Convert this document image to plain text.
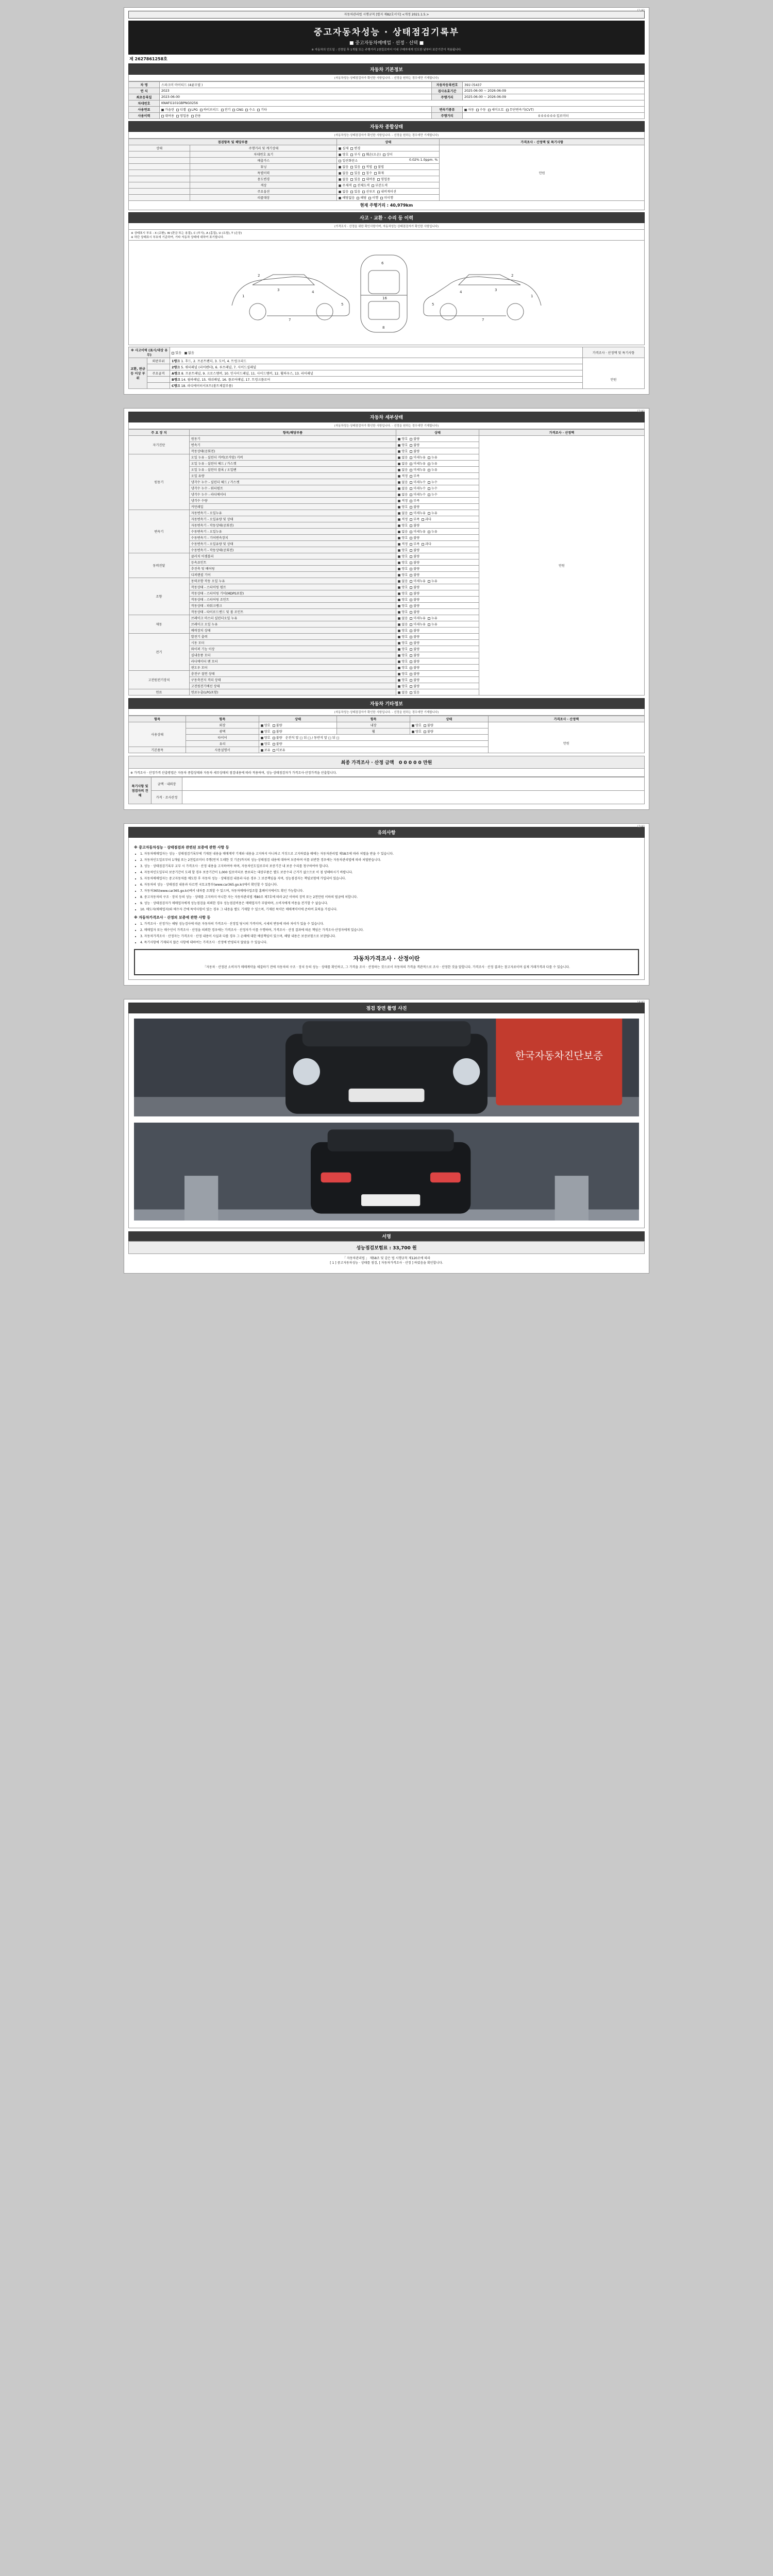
(1/4)
자동차관리법 시행규칙 [별지 제82호서식] <개정 2021.1.5.>
중고자동차성능 · 상태점검기록부
■ 중고자동차매매업 · 선정 · 선택 ■
※ 자동차의 인도일 : 선정일 후 1개월 또는 주행거리 2천킬로미터 이내 구매자에게 인도한 날부터 보증기간이 적용됩니다.
제 2627861258호
자동차 기본정보
(자동차성능·상태점검자가 확인한 사항입니다. - 선정을 원하는 경우에만 기재합니다)
차 명	스파크미 마이티드 (4륜모델 )	자동차등록번호	391나5437
연 식	2023	검사유효기간	2025-06-00 ~ 2026-06-09
최초등록일	2023-06-00	주행거리	2025-06-00 ~ 2026-06-09
차대번호	KNAFG101GBPNG0256		
사용연료	가솔린 디젤 LPG 하이브리드 전기 CNG 수소 기타	변속기종류	자동 수동 세미오토 무단변속기(CVT)
사용이력	대여용 영업용 관용	주행거리	0 0 0 0 0 0 킬로미터
자동차 종합상태
(자동차성능·상태점검자가 확인한 사항입니다. - 선정을 원하는 경우에만 기재합니다)
점검항목 및 해당부품		상태	가격조사 · 산정액 및 특기사항
상태	주행거리 및 계기상태	실제 변경	만원

	차대번호 표기	양호 부식 훼손(오손) 상이	
	배출가스	일산화탄소 0.02% 1.0ppm. %	

	튜닝	없음 있음 적법 불법	
	특별이력	없음 있음 침수 화재	
	용도변경	없음 있음 대여용 영업용	
	색상	무채색 전체도색 부분도색	
	주요옵션	없음 있음 선루프 내비게이션	
	리콜대상	해당없음 해당 이행 미이행	
현재 주행거리 : 40,979km
사고 · 교환 · 수리 등 이력
(가격조사 · 산정을 위한 확인사항이며, 자동차성능·상태점검자가 확인한 사항입니다)
※ 상태표시 부호 : X (교환), W (판금 또는 용접), C (부식), A (흠집), U (요철), T (손상)
※ 하단 상태표시 부호에 기준하여, 기타 자동차 상태에 대하여 표기합니다.
1
3	4
5
7
2
6
16
8
1
3
4
5
7
2
※ 사고이력 (표시/대상 유무)		있음 없음	가격조사 · 산정액 및 특기사항
교환, 판금 등 이상 부위	외판부위	1랭크 1. 후드, 2. 프론트펜더, 3. 도어, 4. 트렁크리드	만원

		2랭크 5. 쿼터패널 (리어펜더), 6. 루프패널, 7. 사이드실패널	
	주요골격	A랭크 8. 프론트패널, 9. 크로스멤버, 10. 인사이드패널, 11. 사이드멤버, 12. 휠하우스, 13. 리어패널	
		B랭크 14. 필라패널, 15. 대쉬패널, 16. 플로어패널, 17. 트렁크플로어	
		C랭크 18. 라디에이터서포트(볼트체결부품)	
(2/4)
자동차 세부상태
(자동차성능·상태점검자가 확인한 사항입니다. - 선정을 원하는 경우에만 기재합니다)
주 요 장 치	항목/해당부품	상태	가격조사 · 산정액
자기진단	원동기	양호  불량	만원
	변속기	양호  불량	
	작동상태(공회전)	양호  불량	
원동기	오일 누유 - 실린더 커버(로커암) 커버	없음  미세누유  누유	
	오일 누유 - 실린더 헤드 / 가스켓	없음  미세누유  누유	
	오일 누유 - 실린더 블록 / 오일팬	없음  미세누유  누유	
	오일 유량	적정  부족	
	냉각수 누수 - 실린더 헤드 / 가스켓	없음  미세누수  누수	
	냉각수 누수 - 워터펌프	없음  미세누수  누수	
	냉각수 누수 - 라디에이터	없음  미세누수  누수	
	냉각수 수량	적정  부족	
	커먼레일	양호  불량	
변속기	자동변속기 - 오일누유	없음  미세누유  누유	
	자동변속기 - 오일유량 및 상태	적정  부족  과다	
	자동변속기 - 작동상태(공회전)	양호  불량	
	수동변속기 - 오일누유	없음  미세누유  누유	
	수동변속기 - 기어변속장치	양호  불량	
	수동변속기 - 오일유량 및 상태	적정  부족  과다	
	수동변속기 - 작동상태(공회전)	양호  불량	
동력전달	클러치 어셈블리	양호  불량	
	등속죠인트	양호  불량	
	추진축 및 베어링	양호  불량	
	디퍼렌셜 기어	양호  불량	
조향	동력조향 작동 오일 누유	없음  미세누유  누유	
	작동상태 - 스티어링 펌프	양호  불량	
	작동상태 - 스티어링 기어(MDPS포함)	양호  불량	
	작동상태 - 스티어링 조인트	양호  불량	
	작동상태 - 파워크랭크	양호  불량	
	작동상태 - 타이로드엔드 및 볼 조인트	양호  불량	
제동	브레이크 마스터 실린더오일 누유	없음  미세누유  누유	
	브레이크 오일 누유	없음  미세누유  누유	
	배력장치 상태	양호  불량	
전기	발전기 출력	양호  불량	
	시동 모터	양호  불량	
	와이퍼 기능 이상	양호  불량	
	실내송풍 모터	양호  불량	
	라디에이터 팬 모터	양호  불량	
	윈도우 모터	양호  불량	
고전원전기장치	충전구 절연 상태	양호  불량	
	구동축전지 격리 상태	양호  불량	
	고전원전기배선 상태	양호  불량	
연료	연료누출(LPG포함)	없음  있음	
자동차 기타정보
(자동차성능·상태점검자가 확인한 사항입니다. - 선정을 원하는 경우에만 기재합니다)
항목	항목	상태	항목	상태	가격조사 · 산정액
사용상태	외장	양호 불량	내장	양호 불량	만원

	광택	양호 불량	휠	양호 불량	
	타이어	양호 불량 운전석 앞 □ 뒤 □ / 동반석 앞 □ 뒤 □			
	유리	양호 불량			
기본품목	사용설명서	보유 미보유			
최종 가격조사 · 산정 금액 0 0 0 0 0 만원
※ 가격조사 · 산정가격 산출방법은 자동차 종합상태와 자동차 세부상태의 점검내용에 따라 적용하며, 성능·상태점검자가 가격조사·산정가격을 산출합니다.
특기사항 및 점검자의 견해	금액 · 내외장	
	가격 · 조사산정	
(3/4)
유의사항
※ 중고자동차성능 · 상태점검과 관련된 보증에 관한 사항 등
• 1. 자동차매매업자는 성능 · 상태점검기록부에 기재된 내용을 매매계약 기재와 내용을 고지하지 아니하고 거짓으로 고지하였을 때에는 자동차관리법 제58조에 따라 처벌을 받을 수 있습니다.
• 2. 자동차인도일로부터 1개월 또는 2천킬로미터 주행(먼저 도래한 것 기준)까지의 성능·상태점검 내용에 대하여 보증하며 이를 위반한 경우에는 자동차관리법에 따라 처벌받습니다.
• 3. 성능 · 상태점검기록부 교부 시 가격조사 · 산정 내용을 고지하여야 하며, 자동차인도일로부터 보증기간 내 보증 수리를 청구하여야 합니다.
• 4. 자동차인도일부터 보증기간이 도래 할 경우 보증기간이 1,000 킬로미터로 종료되는 대상부품은 별도 보증수리 근거가 없으므로 이 점 양해하시기 바랍니다.
• 5. 자동차매매업자는 중고자동차를 매도한 후 자동차 성능 · 상태점검 내용과 다른 경우 그 보증책임을 지며, 성능점검자는 책임보험에 가입되어 있습니다.
• 6. 자동차의 성능 · 상태점검 내용과 다르면 국토교통부(www.car365.go.kr)에서 확인할 수 있습니다.
• 7. 자동차365(www.car365.go.kr)에서 내차를 조회할 수 있으며, 자동차매매사업조합 홈페이지에서도 확인 가능합니다.
• 8. 중고자동차의 구조 · 장치 등의 성능 · 상태를 고지하지 아니한 자는 자동차관리법 제80조 제7호에 따라 2년 이하의 징역 또는 2천만원 이하의 벌금에 처합니다.
• 9. 성능 · 상태점검자가 매매업자에게 성능점검을 의뢰한 경우 성능점검비용은 매매업자가 부담하며, 소비자에게 비용을 전가할 수 없습니다.
• 10. 매도자(매매업자)와 매수자 간에 특약사항이 있는 경우 그 내용을 별도 기재할 수 있으며, 기재된 특약은 매매계약서에 준하여 효력을 가집니다.
※ 자동차가격조사 · 산정의 보증에 관한 사항 등
• 1. 가격조사 · 산정가는 해당 성능검사에 따른 자동차의 가격조사 · 산정일 당시의 가격이며, 시세의 변동에 따라 차이가 있을 수 있습니다.
• 2. 매매업자 또는 매수인이 가격조사 · 산정을 의뢰한 경우에는 가격조사 · 산정자가 이를 수행하며, 가격조사 · 산정 결과에 따른 책임은 가격조사·산정자에게 있습니다.
• 3. 자동차가격조사 · 산정자는 가격조사 · 산정 내용이 사실과 다를 경우 그 손해에 대한 배상책임이 있으며, 해당 내용은 보증보험으로 보장됩니다.
• 4. 특기사항에 기재되지 않은 사항에 대하여는 가격조사 · 산정에 반영되지 않았을 수 있습니다.
자동차가격조사 · 산정이란
「자동차 · 산정된 소비자가 매매계약을 체결하기 전에 자동차의 구조 · 장치 등의 성능 · 상태를 확인하고, 그 가격을 조사 · 산정하는 것으로서 자동차의 가격을 객관적으로 조사 · 산정한 것을 말합니다. 가격조사 · 산정 결과는 참고자료이며 실제 거래가격과 다를 수 있습니다.
(4/4)
점검 장면 촬영 사진
한국자동차진단보증
서명
성능점검보험료 : 33,700 원
「 자동차관리법 」 제58조 및 같은 법 시행규칙 제120조에 따라
[ 1 ] 중고자동차성능 · 상태를 점검, [ 자동차가격조사 · 산정 ] 하였음을 확인합니다.
